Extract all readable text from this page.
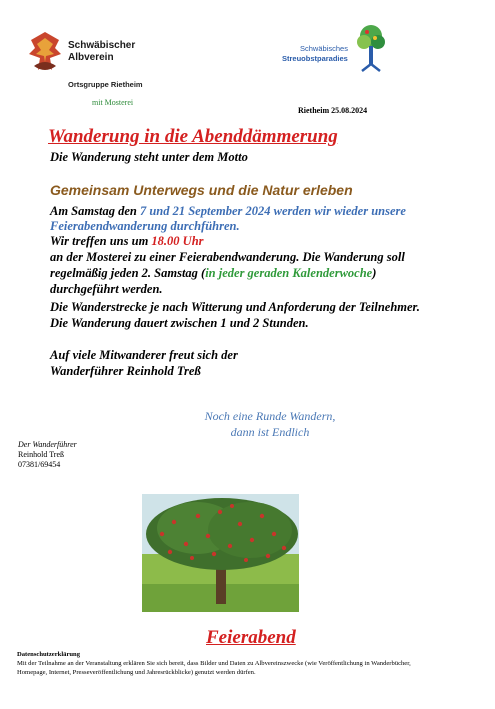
Schwäbischer
Albverein
Ortsgruppe Rietheim
mit Mosterei
Schwäbisches
Streuobstparadies
Rietheim 25.08.2024
Wanderung in die Abenddämmerung
Die Wanderung steht unter dem Motto
Gemeinsam Unterwegs und die Natur erleben
Am Samstag den 7 und 21 September 2024 werden wir wieder unsere
Feierabendwanderung durchführen.
Wir treffen uns um 18.00 Uhr
an der Mosterei zu einer Feierabendwanderung. Die Wanderung soll
regelmäßig jeden 2. Samstag (in jeder geraden Kalenderwoche)
durchgeführt werden.
Die Wanderstrecke je nach Witterung und Anforderung der Teilnehmer.
Die Wanderung dauert zwischen 1 und 2 Stunden.
Auf viele Mitwanderer freut sich der
Wanderführer Reinhold Treß
Noch eine Runde Wandern,
dann ist Endlich
Der Wanderführer
Reinhold Treß
07381/69454
Feierabend
Datenschutzerklärung
Mit der Teilnahme an der Veranstaltung erklären Sie sich bereit, dass Bilder und Daten zu Albvereinszwecke (wie Veröffentlichung in Wanderbücher, Homepage, Internet, Presseveröffentlichung und Jahresrückblicke) genutzt werden dürfen.
